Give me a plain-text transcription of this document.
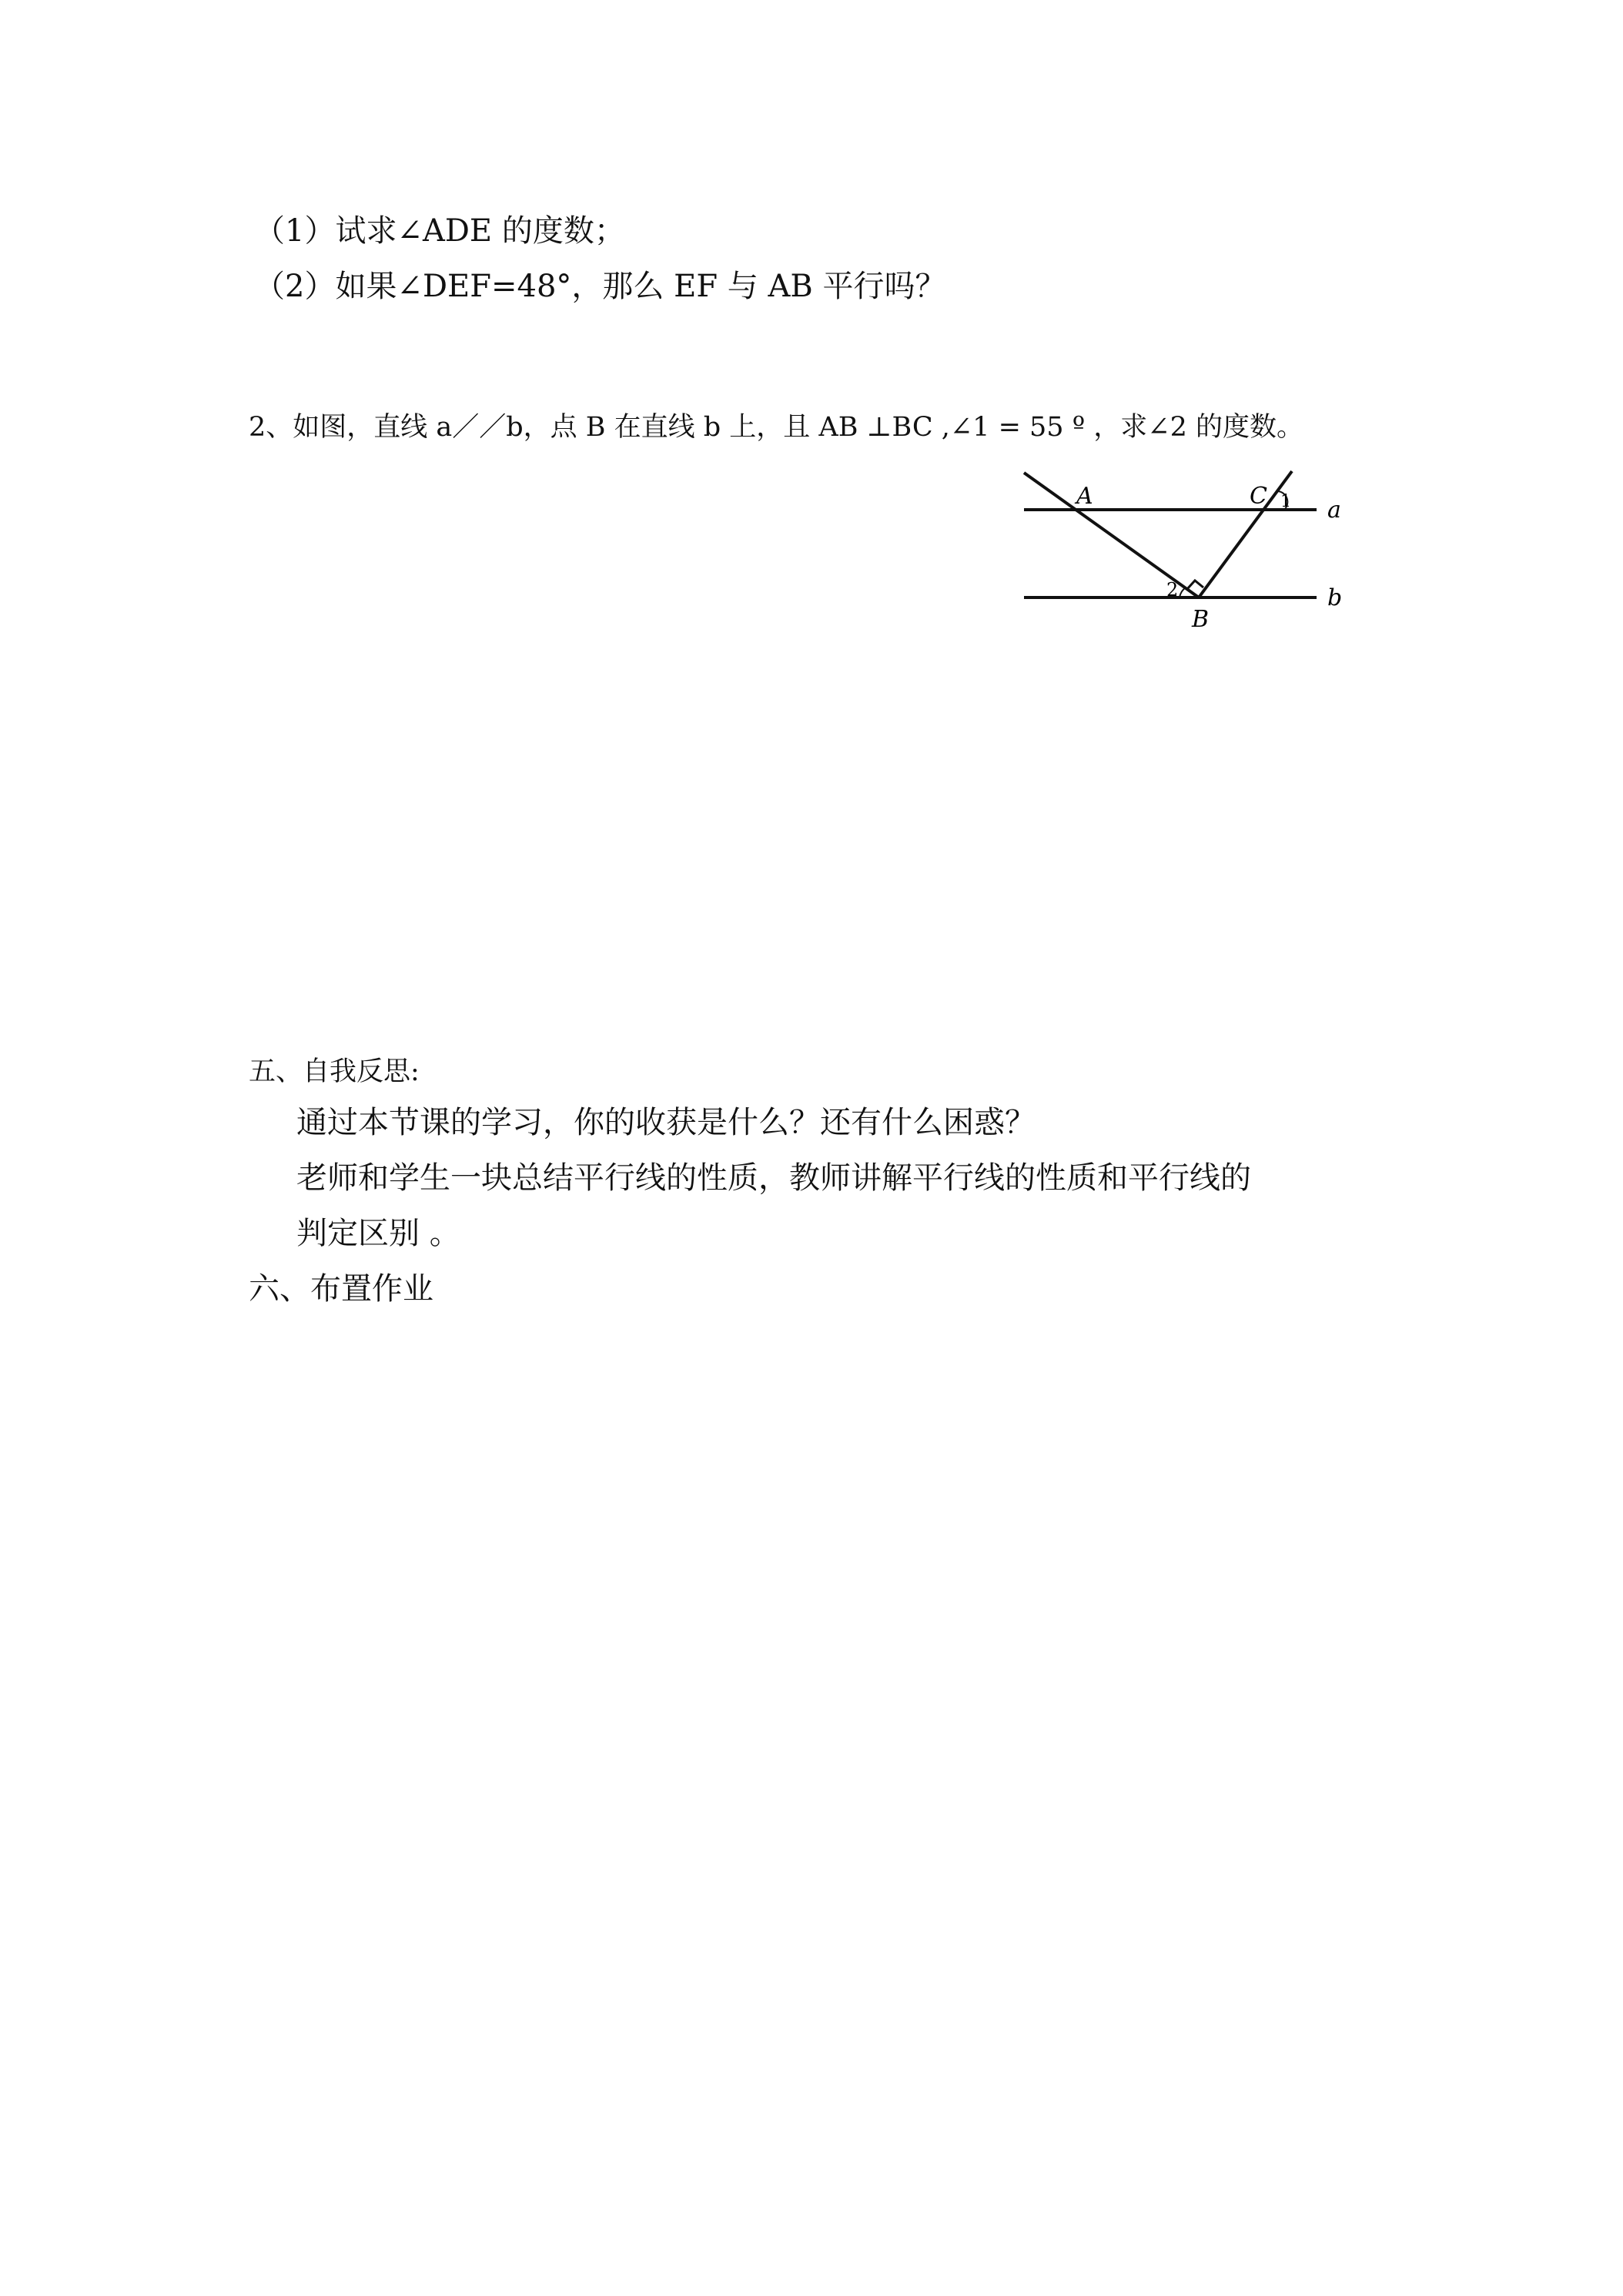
（1）试求∠ADE 的度数；
（2）如果∠DEF=48°，那么 EF 与 AB 平行吗？
2、如图，直线 a／／b，点 B 在直线 b 上，且 AB ⊥BC ,∠1 = 55 º ，求∠2 的度数。
A	C 1 a
2
B
b
五、自我反思:
通过本节课的学习，你的收获是什么？还有什么困惑？
老师和学生一块总结平行线的性质，教师讲解平行线的性质和平行线的
判定区别 。
六、布置作业
